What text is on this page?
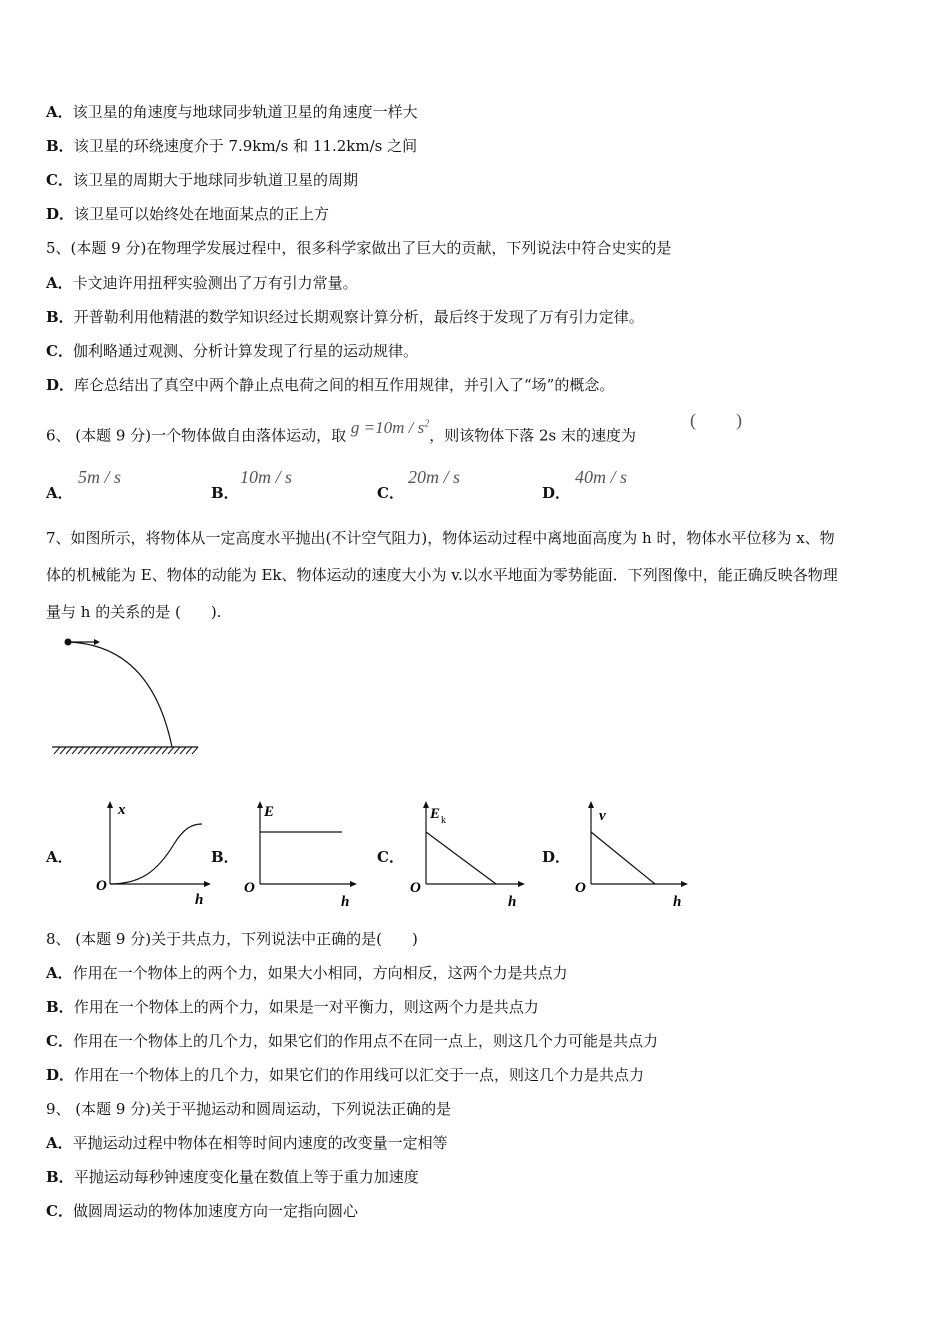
A．该卫星的角速度与地球同步轨道卫星的角速度一样大
B．该卫星的环绕速度介于 7.9km/s 和 11.2km/s 之间
C．该卫星的周期大于地球同步轨道卫星的周期
D．该卫星可以始终处在地面某点的正上方
5、(本题 9 分)在物理学发展过程中，很多科学家做出了巨大的贡献，下列说法中符合史实的是
A．卡文迪许用扭秤实验测出了万有引力常量。
B．开普勒利用他精湛的数学知识经过长期观察计算分析，最后终于发现了万有引力定律。
C．伽利略通过观测、分析计算发现了行星的运动规律。
D．库仑总结出了真空中两个静止点电荷之间的相互作用规律，并引入了“场”的概念。
6、 (本题 9 分)一个物体做自由落体运动，取 $g =10m / s^2$，则该物体下落 2s 末的速度为
( )
A．
5m / s
B．
10m / s
C．
20m / s
D．
40m / s
7、如图所示，将物体从一定高度水平抛出(不计空气阻力)，物体运动过程中离地面高度为 h 时，物体水平位移为 x、物
体的机械能为 E、物体的动能为 Ek、物体运动的速度大小为 v.以水平地面为零势能面．下列图像中，能正确反映各物理
量与 h 的关系的是 (　　).
A．
x
O
h
B．
E
O
h
C．
E k
O
h
D．
v
O
h
8、 (本题 9 分)关于共点力，下列说法中正确的是(　　)
A．作用在一个物体上的两个力，如果大小相同，方向相反，这两个力是共点力
B．作用在一个物体上的两个力，如果是一对平衡力，则这两个力是共点力
C．作用在一个物体上的几个力，如果它们的作用点不在同一点上，则这几个力可能是共点力
D．作用在一个物体上的几个力，如果它们的作用线可以汇交于一点，则这几个力是共点力
9、 (本题 9 分)关于平抛运动和圆周运动，下列说法正确的是
A．平抛运动过程中物体在相等时间内速度的改变量一定相等
B．平抛运动每秒钟速度变化量在数值上等于重力加速度
C．做圆周运动的物体加速度方向一定指向圆心
